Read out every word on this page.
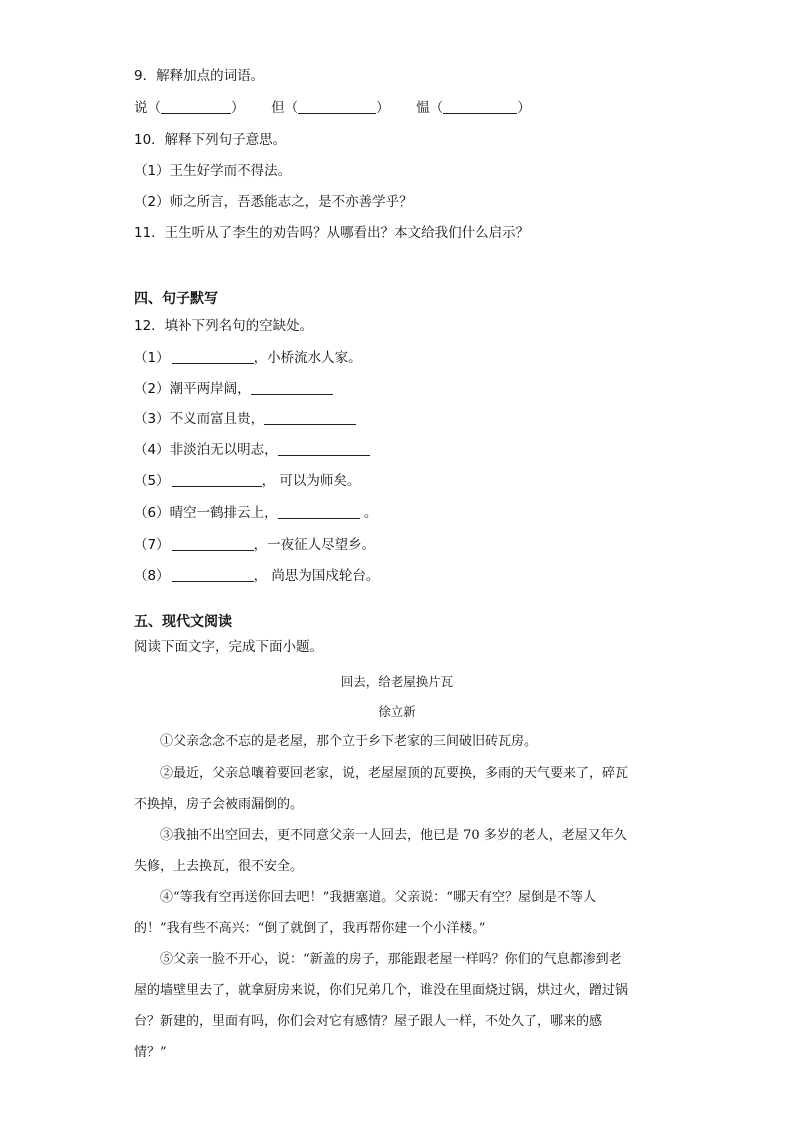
9．解释加点的词语。
说（	） 但（	） 愠（	）
10．解释下列句子意思。
（1）王生好学而不得法。
（2）师之所言，吾悉能志之，是不亦善学乎？
11．王生听从了李生的劝告吗？从哪看出？本文给我们什么启示？
四、句子默写
12．填补下列名句的空缺处。
（1）	，小桥流水人家。
（2）潮平两岸阔，
（3）不义而富且贵，
（4）非淡泊无以明志，
（5）	， 可以为师矣。
（6）晴空一鹤排云上，	。
（7）	，一夜征人尽望乡。
（8）	， 尚思为国戍轮台。
五、现代文阅读
阅读下面文字，完成下面小题。
回去，给老屋换片瓦
徐立新
①父亲念念不忘的是老屋，那个立于乡下老家的三间破旧砖瓦房。
②最近，父亲总嚷着要回老家，说，老屋屋顶的瓦要换，多雨的天气要来了，碎瓦
不换掉，房子会被雨漏倒的。
③我抽不出空回去，更不同意父亲一人回去，他已是 70 多岁的老人，老屋又年久
失修，上去换瓦，很不安全。
④“等我有空再送你回去吧！”我搪塞道。父亲说：“哪天有空？屋倒是不等人
的！”我有些不高兴：“倒了就倒了，我再帮你建一个小洋楼。”
⑤父亲一脸不开心，说：“新盖的房子，那能跟老屋一样吗？你们的气息都渗到老
屋的墙壁里去了，就拿厨房来说，你们兄弟几个，谁没在里面烧过锅，烘过火，蹭过锅
台？新建的，里面有吗，你们会对它有感情？屋子跟人一样，不处久了，哪来的感
情？”
